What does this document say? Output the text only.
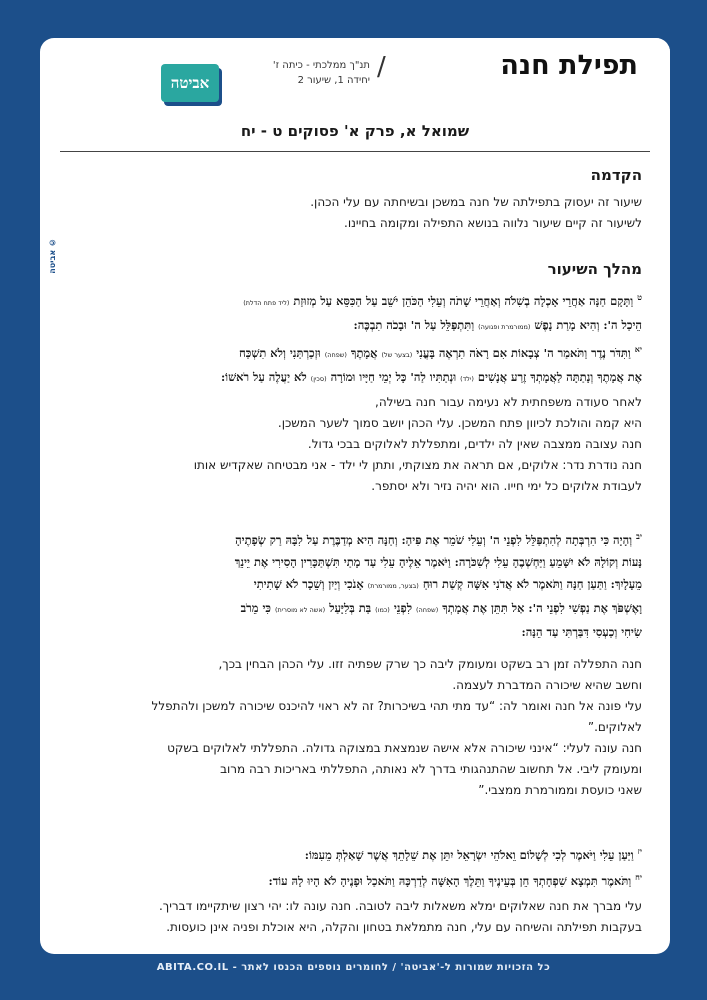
אביטה
תנ"ך ממלכתי - כיתה ז'
יחידה 1, שיעור 2 /	תפילת חנה
שמואל א, פרק א' פסוקים ט - יח
אביטה ©
הקדמה
שיעור זה יעסוק בתפילתה של חנה במשכן ובשיחתה עם עלי הכהן.
לשיעור זה קיים שיעור נלווה בנושא התפילה ומקומה בחיינו.
מהלך השיעור
$^ט$ וַתָּקָם חַנָּה אַחֲרֵי אָכְלָה בְשִׁלֹה וְאַחֲרֵי שָׁתֹה וְעֵלִי הַכֹּהֵן יֹשֵׁב עַל הַכִּסֵּא עַל מְזוּזַת (ליד פתח הדלת)
הֵיכַל ה': וְהִיא מָרַת נָפֶשׁ (ממורמרת ופגועה) וַתִּתְפַּלֵּל עַל ה' וּבָכֹה תִבְכֶּה:
$^{יא}$ וַתִּדֹּר נֶדֶר וַתֹּאמַר ה' צְבָאוֹת אִם רָאֹה תִרְאֶה בָּעֳנִי (בצער של) אֲמָתֶךָ (שפחה) וּזְכַרְתַּנִי וְלֹא תִשְׁכַּח
אֶת אֲמָתֶךָ וְנָתַתָּה לַאֲמָתְךָ זֶרַע אֲנָשִׁים (ילד) וּנְתַתִּיו לַה' כָּל יְמֵי חַיָּיו וּמוֹרָה (סכין) לֹא יַעֲלֶה עַל רֹאשׁוֹ:
לאחר סעודה משפחתית לא נעימה עבור חנה בשילה,
היא קמה והולכת לכיוון פתח המשכן. עלי הכהן יושב סמוך לשער המשכן.
חנה עצובה ממצבה שאין לה ילדים, ומתפללת לאלוקים בבכי גדול.
חנה נודרת נדר: אלוקים, אם תראה את מצוקתי, ותתן לי ילד - אני מבטיחה שאקדיש אותו
לעבודת אלוקים כל ימי חייו. הוא יהיה נזיר ולא יסתפר.
$^{יב}$ וְהָיָה כִּי הִרְבְּתָה לְהִתְפַּלֵּל לִפְנֵי ה' וְעֵלִי שֹׁמֵר אֶת פִּיהָ: וְחַנָּה הִיא מְדַבֶּרֶת עַל לִבָּהּ רַק שְׂפָתֶיהָ
נָּעוֹת וְקוֹלָהּ לֹא יִשָּׁמֵעַ וַיַּחְשְׁבֶהָ עֵלִי לְשִׁכֹּרָה: וַיֹּאמֶר אֵלֶיהָ עֵלִי עַד מָתַי תִּשְׁתַּכָּרִין הָסִירִי אֶת יֵינֵךְ
מֵעָלָיִךְ: וַתַּעַן חַנָּה וַתֹּאמֶר לֹא אֲדֹנִי אִשָּׁה קְשַׁת רוּחַ (בצער, ממורמרת) אָנֹכִי וְיַיִן וְשֵׁכָר לֹא שָׁתִיתִי
וָאֶשְׁפֹּךְ אֶת נַפְשִׁי לִפְנֵי ה': אַל תִּתֵּן אֶת אֲמָתְךָ (שפחה) לִפְנֵי (כמו) בַּת בְּלִיָּעַל (אשה לא מוסרית) כִּי מֵרֹב
שִׂיחִי וְכַעְסִי דִּבַּרְתִּי עַד הֵנָּה:
חנה התפללה זמן רב בשקט ומעומק ליבה כך שרק שפתיה זזו. עלי הכהן הבחין בכך,
וחשב שהיא שיכורה המדברת לעצמה.
עלי פונה אל חנה ואומר לה: “עד מתי תהי בשיכרות? זה לא ראוי להיכנס שיכורה למשכן ולהתפלל
לאלוקים.”
חנה עונה לעלי: “אינני שיכורה אלא אישה שנמצאת במצוקה גדולה. התפללתי לאלוקים בשקט
ומעומק ליבי. אל תחשוב שהתנהגותי בדרך לא נאותה, התפללתי באריכות רבה מרוב
שאני כועסת וממורמרת ממצבי.”
$^{יז}$ וַיַּעַן עֵלִי וַיֹּאמֶר לְכִי לְשָׁלוֹם וֵאלֹהֵי יִשְׂרָאֵל יִתֵּן אֶת שֵׁלָתֵךְ אֲשֶׁר שָׁאַלְתְּ מֵעִמּוֹ:
$^{יח}$ וַתֹּאמֶר תִּמְצָא שִׁפְחָתְךָ חֵן בְּעֵינֶיךָ וַתֵּלֶךְ הָאִשָּׁה לְדַרְכָּהּ וַתֹּאכַל וּפָנֶיהָ לֹא הָיוּ לָהּ עוֹד:
עלי מברך את חנה שאלוקים ימלא משאלות ליבה לטובה. חנה עונה לו: יהי רצון שיתקיימו דבריך.
בעקבות תפילתה והשיחה עם עלי, חנה מתמלאת בטחון והקלה, היא אוכלת ופניה אינן כועסות.
כל הזכויות שמורות ל-'אביטה' / לחומרים נוספים הכנסו לאתר - ABITA.CO.IL
